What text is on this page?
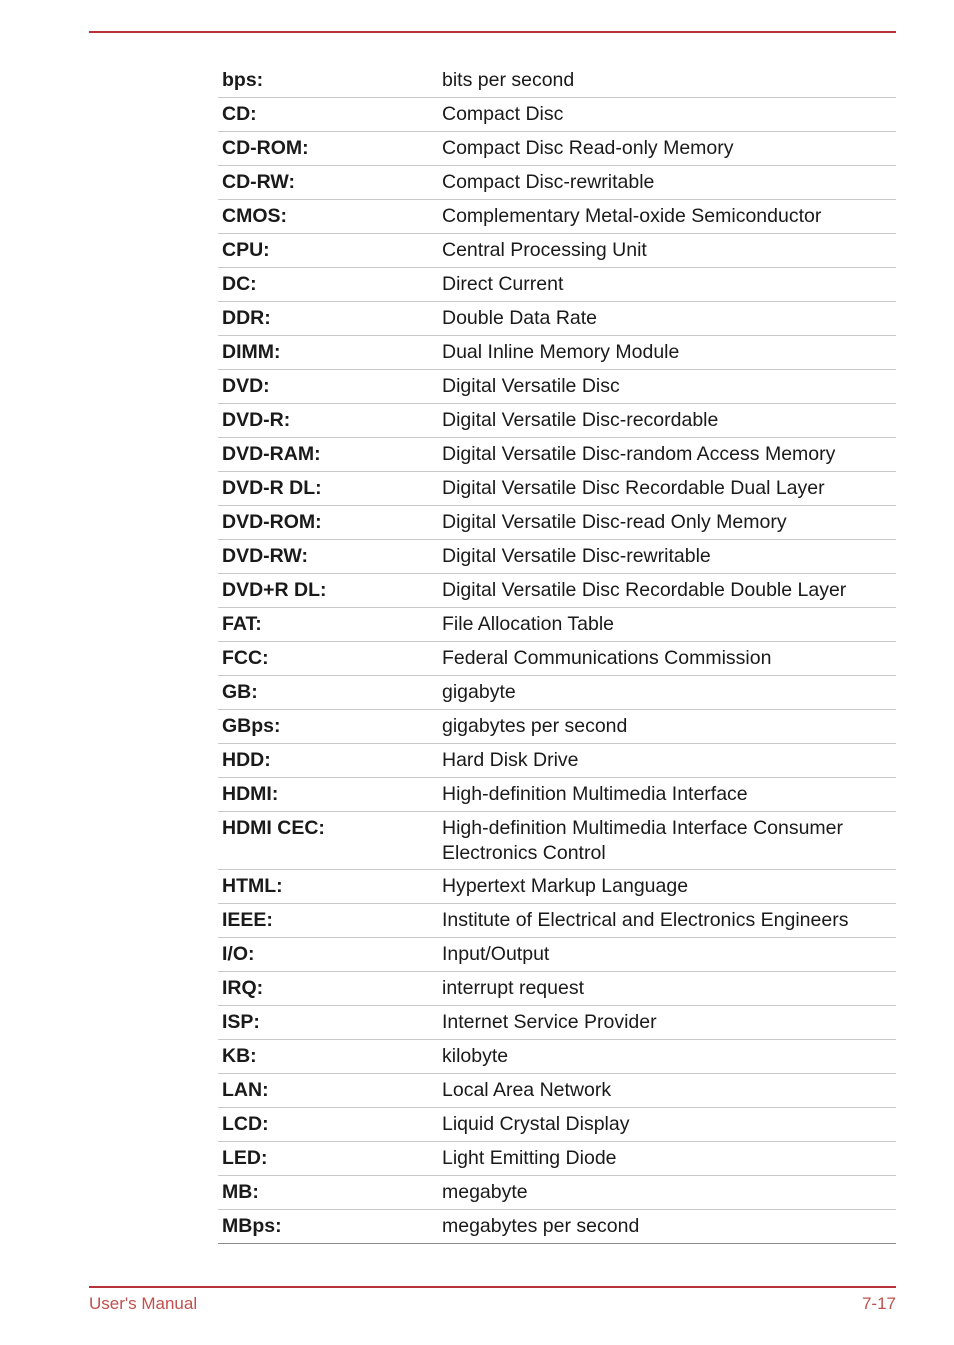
bps:	bits per second
CD:	Compact Disc
CD-ROM:	Compact Disc Read-only Memory
CD-RW:	Compact Disc-rewritable
CMOS:	Complementary Metal-oxide Semiconductor
CPU:	Central Processing Unit
DC:	Direct Current
DDR:	Double Data Rate
DIMM:	Dual Inline Memory Module
DVD:	Digital Versatile Disc
DVD-R:	Digital Versatile Disc-recordable
DVD-RAM:	Digital Versatile Disc-random Access Memory
DVD-R DL:	Digital Versatile Disc Recordable Dual Layer
DVD-ROM:	Digital Versatile Disc-read Only Memory
DVD-RW:	Digital Versatile Disc-rewritable
DVD+R DL:	Digital Versatile Disc Recordable Double Layer
FAT:	File Allocation Table
FCC:	Federal Communications Commission
GB:	gigabyte
GBps:	gigabytes per second
HDD:	Hard Disk Drive
HDMI:	High-definition Multimedia Interface
HDMI CEC:	High-definition Multimedia Interface Consumer Electronics Control
HTML:	Hypertext Markup Language
IEEE:	Institute of Electrical and Electronics Engineers
I/O:	Input/Output
IRQ:	interrupt request
ISP:	Internet Service Provider
KB:	kilobyte
LAN:	Local Area Network
LCD:	Liquid Crystal Display
LED:	Light Emitting Diode
MB:	megabyte
MBps:	megabytes per second
User's Manual	7-17
